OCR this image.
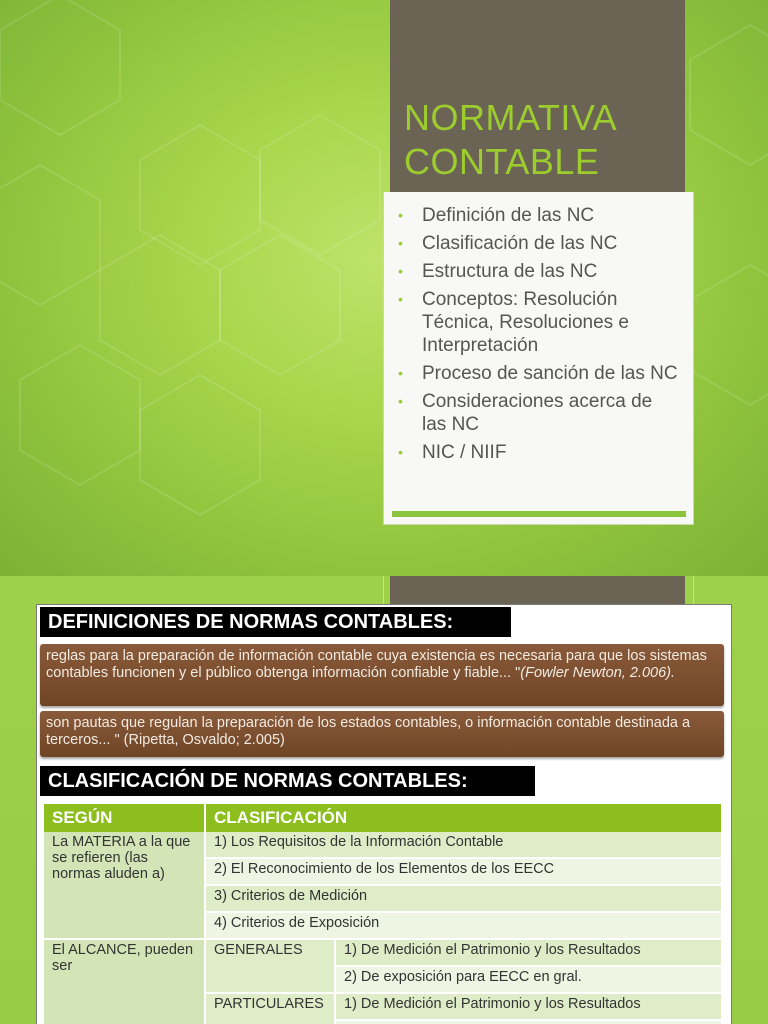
NORMATIVA CONTABLE
• Definición de las NC
• Clasificación de las NC
• Estructura de las NC
• Conceptos: Resolución Técnica, Resoluciones e Interpretación
• Proceso de sanción de las NC
• Consideraciones acerca de las NC
• NIC / NIIF
DEFINICIONES DE NORMAS CONTABLES:
reglas para la preparación de información contable cuya existencia es necesaria para que los sistemas contables funcionen y el público obtenga información confiable y fiable... "(Fowler Newton, 2.006).
son pautas que regulan la preparación de los estados contables, o información contable destinada a terceros... " (Ripetta, Osvaldo; 2.005)
CLASIFICACIÓN DE NORMAS CONTABLES:
SEGÚN	CLASIFICACIÓN	
La MATERIA a la que se refieren (las normas aluden a)	1) Los Requisitos de la Información Contable	
	2) El Reconocimiento de los Elementos de los EECC	
	3) Criterios de Medición	
	4) Criterios de Exposición	
El ALCANCE, pueden ser	GENERALES	1) De Medición el Patrimonio y los Resultados
		2) De exposición para EECC en gral.
	PARTICULARES	1) De Medición el Patrimonio y los Resultados
